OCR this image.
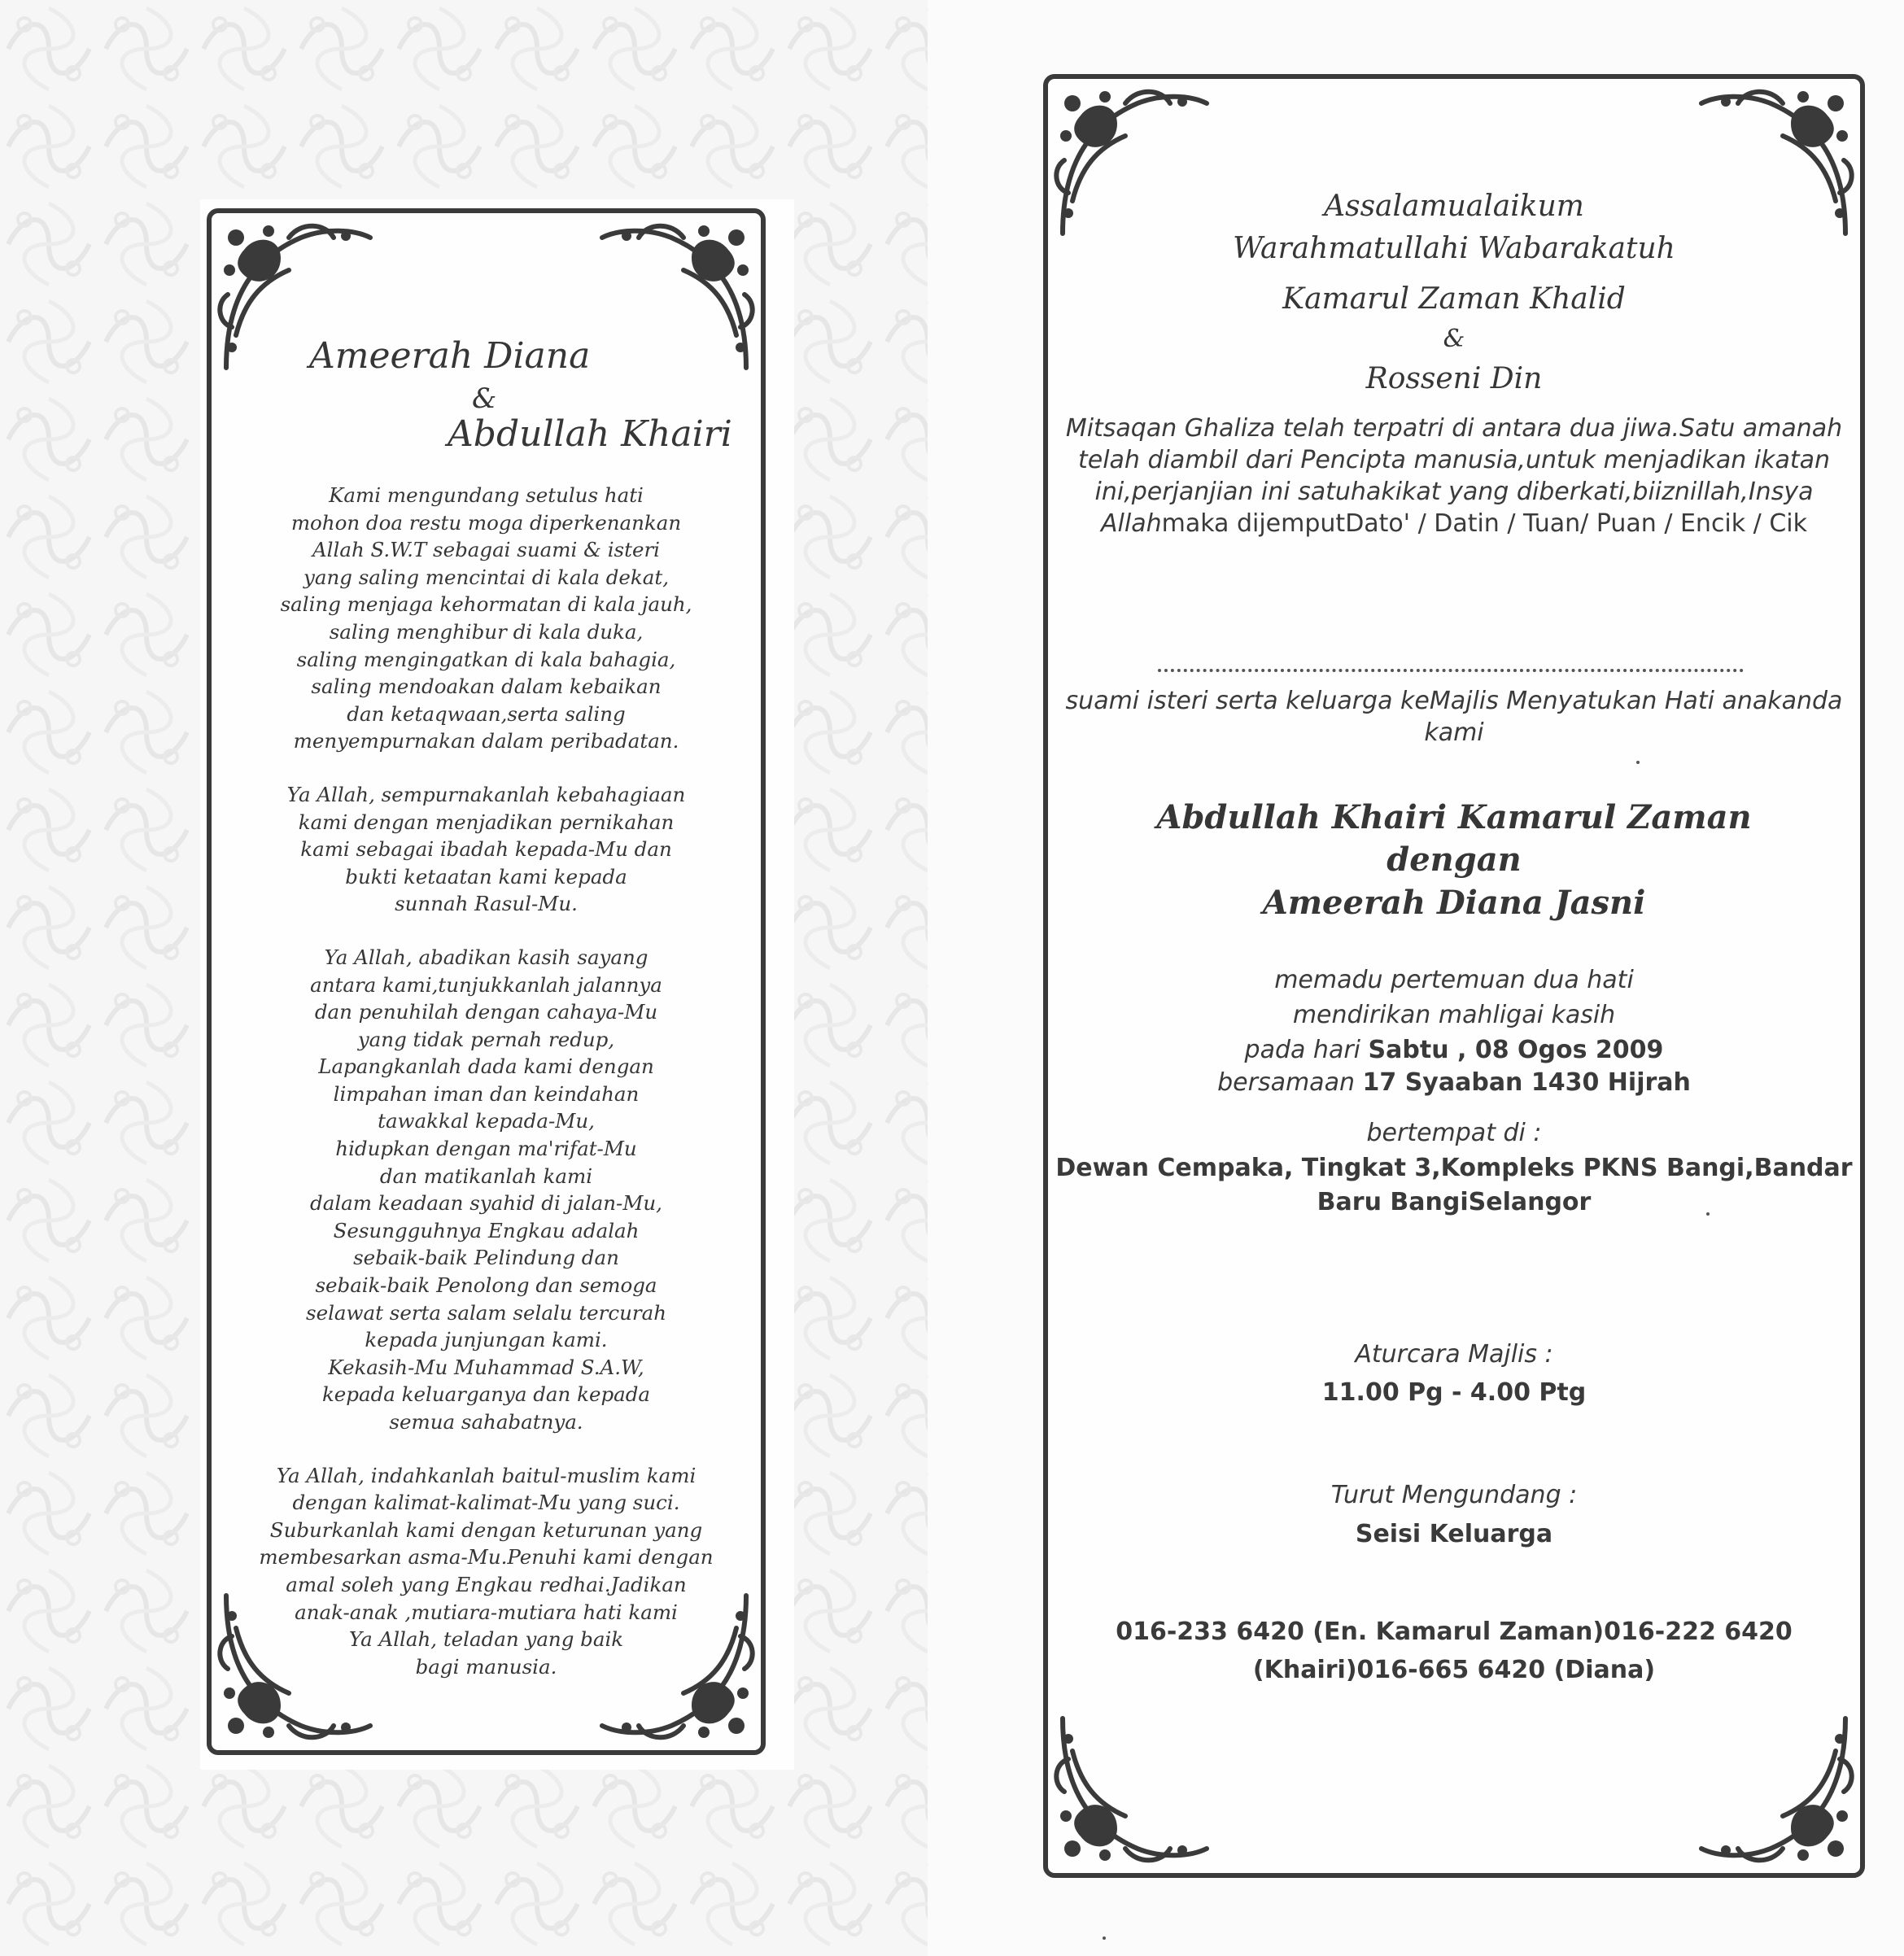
Ameerah Diana
&
Abdullah Khairi

Kami mengundang setulus hati
mohon doa restu moga diperkenankan
Allah S.W.T sebagai suami & isteri
yang saling mencintai di kala dekat,
saling menjaga kehormatan di kala jauh,
saling menghibur di kala duka,
saling mengingatkan di kala bahagia,
saling mendoakan dalam kebaikan
dan ketaqwaan,serta saling
menyempurnakan dalam peribadatan.

Ya Allah, sempurnakanlah kebahagiaan
kami dengan menjadikan pernikahan
kami sebagai ibadah kepada-Mu dan
bukti ketaatan kami kepada
sunnah Rasul-Mu.

Ya Allah, abadikan kasih sayang
antara kami,tunjukkanlah jalannya
dan penuhilah dengan cahaya-Mu
yang tidak pernah redup,
Lapangkanlah dada kami dengan
limpahan iman dan keindahan
tawakkal kepada-Mu,
hidupkan dengan ma'rifat-Mu
dan matikanlah kami
dalam keadaan syahid di jalan-Mu,
Sesungguhnya Engkau adalah
sebaik-baik Pelindung dan
sebaik-baik Penolong dan semoga
selawat serta salam selalu tercurah
kepada junjungan kami.
Kekasih-Mu Muhammad S.A.W,
kepada keluarganya dan kepada
semua sahabatnya.

Ya Allah, indahkanlah baitul-muslim kami
dengan kalimat-kalimat-Mu yang suci.
Suburkanlah kami dengan keturunan yang
membesarkan asma-Mu.Penuhi kami dengan
amal soleh yang Engkau redhai.Jadikan
anak-anak ,mutiara-mutiara hati kami
Ya Allah, teladan yang baik
bagi manusia.

Assalamualaikum
Warahmatullahi Wabarakatuh
Kamarul Zaman Khalid
&
Rosseni Din
Mitsaqan Ghaliza telah terpatri di antara dua jiwa.Satu amanah telah diambil dari Pencipta manusia,untuk menjadikan ikatan ini,perjanjian ini satuhakikat yang diberkati,biiznillah,Insya Allahmaka dijemputDato' / Datin / Tuan/ Puan / Encik / Cik
suami isteri serta keluarga keMajlis Menyatukan Hati anakanda kami
Abdullah Khairi Kamarul Zaman
dengan
Ameerah Diana Jasni
memadu pertemuan dua hati
mendirikan mahligai kasih
pada hari Sabtu , 08 Ogos 2009
bersamaan 17 Syaaban 1430 Hijrah
bertempat di :
Dewan Cempaka, Tingkat 3,Kompleks PKNS Bangi,Bandar Baru BangiSelangor
Aturcara Majlis :
11.00 Pg - 4.00 Ptg
Turut Mengundang :
Seisi Keluarga
016-233 6420 (En. Kamarul Zaman)016-222 6420 (Khairi)016-665 6420 (Diana)
